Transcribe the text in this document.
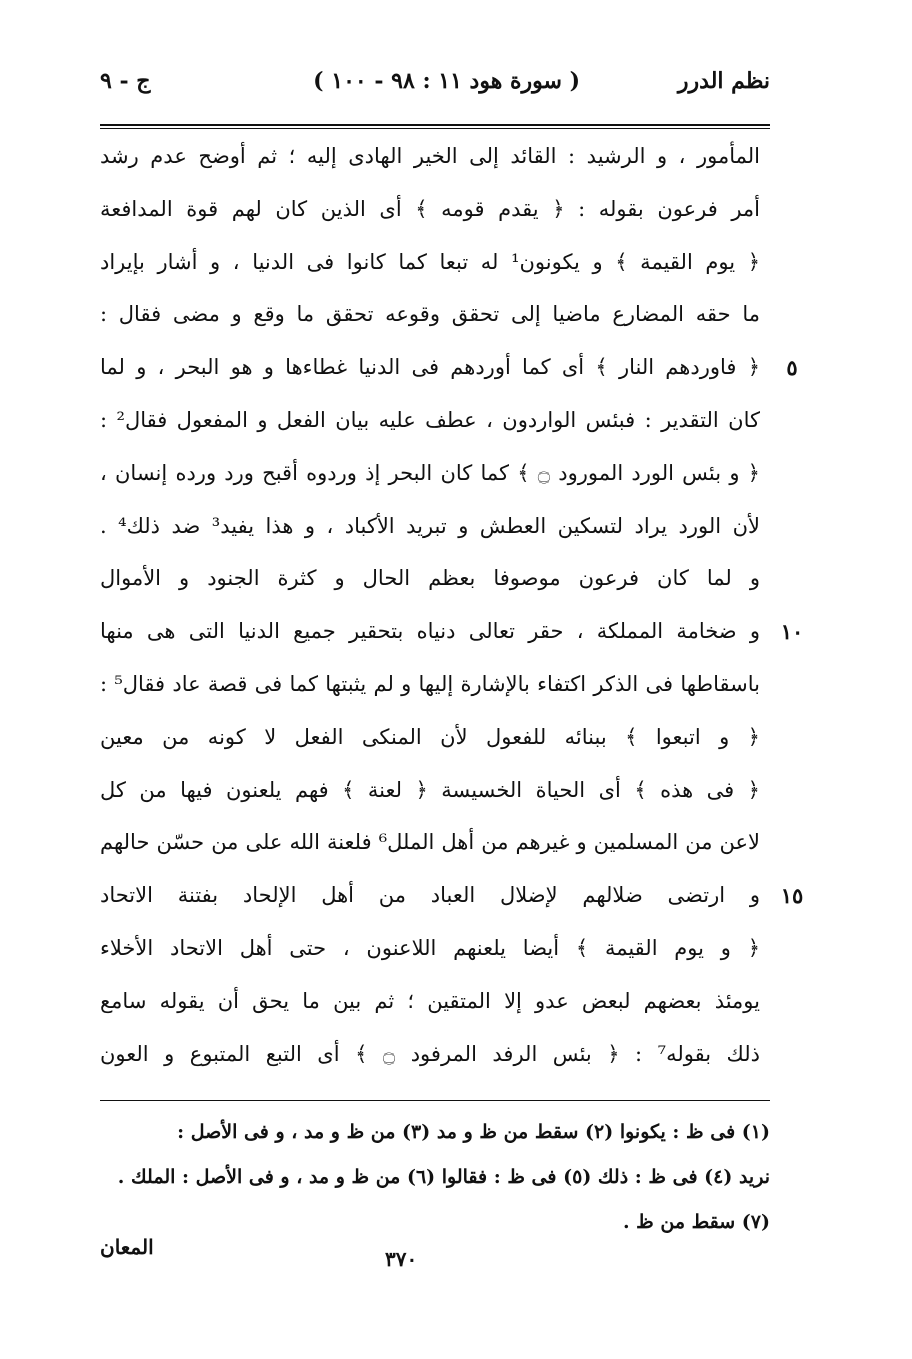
نظم الدرر
( سورة هود ١١ : ٩٨ - ١٠٠ )
ج - ٩
المأمور ، و الرشيد : القائد إلى الخير الهادى إليه ؛ ثم أوضح عدم رشد
أمر فرعون بقوله : ﴿ يقدم قومه ﴾ أى الذين كان لهم قوة المدافعة
﴿ يوم القيمة ﴾ و يكونون¹ له تبعا كما كانوا فى الدنيا ، و أشار بإيراد
ما حقه المضارع ماضيا إلى تحقق وقوعه تحقق ما وقع و مضى فقال :
﴿ فاوردهم النار ﴾ أى كما أوردهم فى الدنيا غطاءها و هو البحر ، و لما
كان التقدير : فبئس الواردون ، عطف عليه بيان الفعل و المفعول فقال² :
﴿ و بئس الورد المورود ۝ ﴾ كما كان البحر إذ وردوه أقبح ورد ورده إنسان ،
لأن الورد يراد لتسكين العطش و تبريد الأكباد ، و هذا يفيد³ ضد ذلك⁴ .
و لما كان فرعون موصوفا بعظم الحال و كثرة الجنود و الأموال
و ضخامة المملكة ، حقر تعالى دنياه بتحقير جميع الدنيا التى هى منها
باسقاطها فى الذكر اكتفاء بالإشارة إليها و لم يثبتها كما فى قصة عاد فقال⁵ :
﴿ و اتبعوا ﴾ ببنائه للفعول لأن المنكى الفعل لا كونه من معين
﴿ فى هذه ﴾ أى الحياة الخسيسة ﴿ لعنة ﴾ فهم يلعنون فيها من كل
لاعن من المسلمين و غيرهم من أهل الملل⁶ فلعنة الله على من حسّن حالهم
و ارتضى ضلالهم لإضلال العباد من أهل الإلحاد بفتنة الاتحاد
﴿ و يوم القيمة ﴾ أيضا يلعنهم اللاعنون ، حتى أهل الاتحاد الأخلاء
يومئذ بعضهم لبعض عدو إلا المتقين ؛ ثم بين ما يحق أن يقوله سامع
ذلك بقوله⁷ : ﴿ بئس الرفد المرفود ۝ ﴾ أى التبع المتبوع و العون
٥
١٠
١٥
(١) فى ظ : يكونوا (٢) سقط من ظ و مد (٣) من ظ و مد ، و فى الأصل :
نريد (٤) فى ظ : ذلك (٥) فى ظ : فقالوا (٦) من ظ و مد ، و فى الأصل : الملك .
(٧) سقط من ظ .
٣٧٠
المعان
